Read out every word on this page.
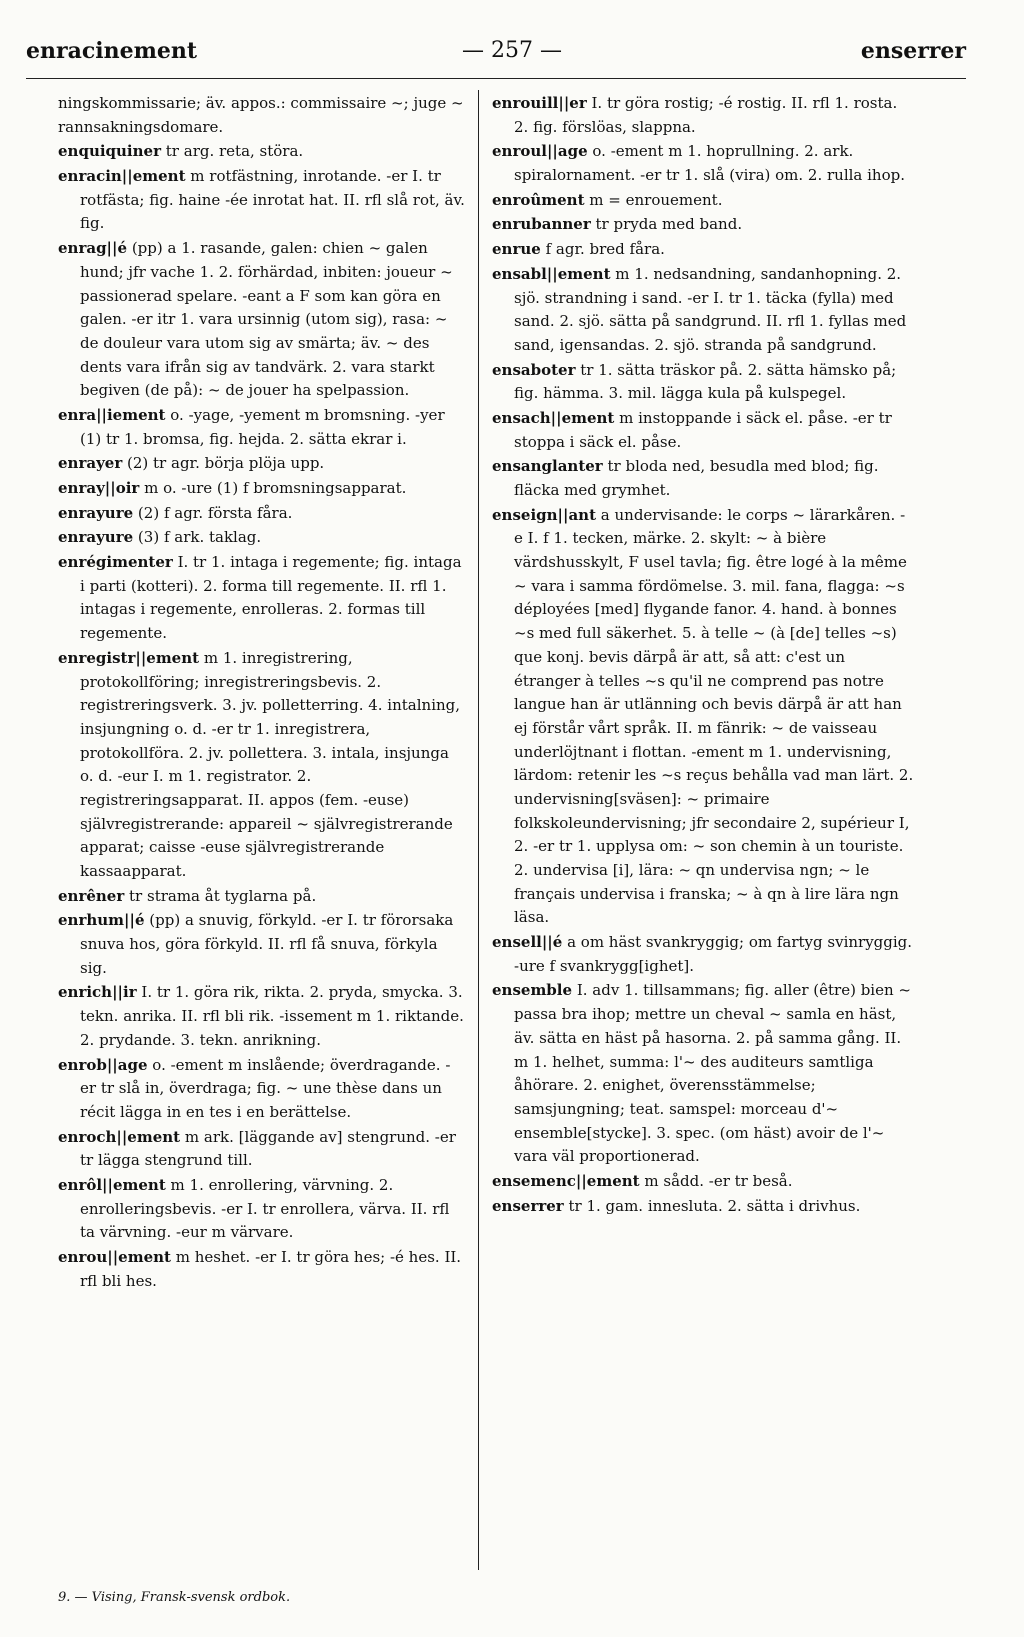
enracinement	— 257 —	enserrer
ningskommissarie; äv. appos.: commissaire ~; juge ~ rannsakningsdomare.
enquiquiner tr arg. reta, störa.
enracin||ement m rotfästning, inrotande. -er I. tr rotfästa; fig. haine -ée inrotat hat. II. rfl slå rot, äv. fig.
enrag||é (pp) a 1. rasande, galen: chien ~ galen hund; jfr vache 1. 2. förhärdad, inbiten: joueur ~ passionerad spelare. -eant a F som kan göra en galen. -er itr 1. vara ursinnig (utom sig), rasa: ~ de douleur vara utom sig av smärta; äv. ~ des dents vara ifrån sig av tandvärk. 2. vara starkt begiven (de på): ~ de jouer ha spelpassion.
enra||iement o. -yage, -yement m bromsning. -yer (1) tr 1. bromsa, fig. hejda. 2. sätta ekrar i.
enrayer (2) tr agr. börja plöja upp.
enray||oir m o. -ure (1) f bromsningsapparat.
enrayure (2) f agr. första fåra.
enrayure (3) f ark. taklag.
enrégimenter I. tr 1. intaga i regemente; fig. intaga i parti (kotteri). 2. forma till regemente. II. rfl 1. intagas i regemente, enrolleras. 2. formas till regemente.
enregistr||ement m 1. inregistrering, protokollföring; inregistreringsbevis. 2. registreringsverk. 3. jv. polletterring. 4. intalning, insjungning o. d. -er tr 1. inregistrera, protokollföra. 2. jv. pollettera. 3. intala, insjunga o. d. -eur I. m 1. registrator. 2. registreringsapparat. II. appos (fem. -euse) självregistrerande: appareil ~ självregistrerande apparat; caisse -euse självregistrerande kassaapparat.
enrêner tr strama åt tyglarna på.
enrhum||é (pp) a snuvig, förkyld. -er I. tr förorsaka snuva hos, göra förkyld. II. rfl få snuva, förkyla sig.
enrich||ir I. tr 1. göra rik, rikta. 2. pryda, smycka. 3. tekn. anrika. II. rfl bli rik. -issement m 1. riktande. 2. prydande. 3. tekn. anrikning.
enrob||age o. -ement m inslående; överdragande. -er tr slå in, överdraga; fig. ~ une thèse dans un récit lägga in en tes i en berättelse.
enroch||ement m ark. [läggande av] stengrund. -er tr lägga stengrund till.
enrôl||ement m 1. enrollering, värvning. 2. enrolleringsbevis. -er I. tr enrollera, värva. II. rfl ta värvning. -eur m värvare.
enrou||ement m heshet. -er I. tr göra hes; -é hes. II. rfl bli hes.
enrouill||er I. tr göra rostig; -é rostig. II. rfl 1. rosta. 2. fig. förslöas, slappna.
enroul||age o. -ement m 1. hoprullning. 2. ark. spiralornament. -er tr 1. slå (vira) om. 2. rulla ihop.
enroûment m = enrouement.
enrubanner tr pryda med band.
enrue f agr. bred fåra.
ensabl||ement m 1. nedsandning, sandanhopning. 2. sjö. strandning i sand. -er I. tr 1. täcka (fylla) med sand. 2. sjö. sätta på sandgrund. II. rfl 1. fyllas med sand, igensandas. 2. sjö. stranda på sandgrund.
ensaboter tr 1. sätta träskor på. 2. sätta hämsko på; fig. hämma. 3. mil. lägga kula på kulspegel.
ensach||ement m instoppande i säck el. påse. -er tr stoppa i säck el. påse.
ensanglanter tr bloda ned, besudla med blod; fig. fläcka med grymhet.
enseign||ant a undervisande: le corps ~ lärarkåren. -e I. f 1. tecken, märke. 2. skylt: ~ à bière värdshusskylt, F usel tavla; fig. être logé à la même ~ vara i samma fördömelse. 3. mil. fana, flagga: ~s déployées [med] flygande fanor. 4. hand. à bonnes ~s med full säkerhet. 5. à telle ~ (à [de] telles ~s) que konj. bevis därpå är att, så att: c'est un étranger à telles ~s qu'il ne comprend pas notre langue han är utlänning och bevis därpå är att han ej förstår vårt språk. II. m fänrik: ~ de vaisseau underlöjtnant i flottan. -ement m 1. undervisning, lärdom: retenir les ~s reçus behålla vad man lärt. 2. undervisning[sväsen]: ~ primaire folkskoleundervisning; jfr secondaire 2, supérieur I, 2. -er tr 1. upplysa om: ~ son chemin à un touriste. 2. undervisa [i], lära: ~ qn undervisa ngn; ~ le français undervisa i franska; ~ à qn à lire lära ngn läsa.
ensell||é a om häst svankryggig; om fartyg svinryggig. -ure f svankrygg[ighet].
ensemble I. adv 1. tillsammans; fig. aller (être) bien ~ passa bra ihop; mettre un cheval ~ samla en häst, äv. sätta en häst på hasorna. 2. på samma gång. II. m 1. helhet, summa: l'~ des auditeurs samtliga åhörare. 2. enighet, överensstämmelse; samsjungning; teat. samspel: morceau d'~ ensemble[stycke]. 3. spec. (om häst) avoir de l'~ vara väl proportionerad.
ensemenc||ement m sådd. -er tr beså.
enserrer tr 1. gam. innesluta. 2. sätta i drivhus.
9. — Vising, Fransk-svensk ordbok.
